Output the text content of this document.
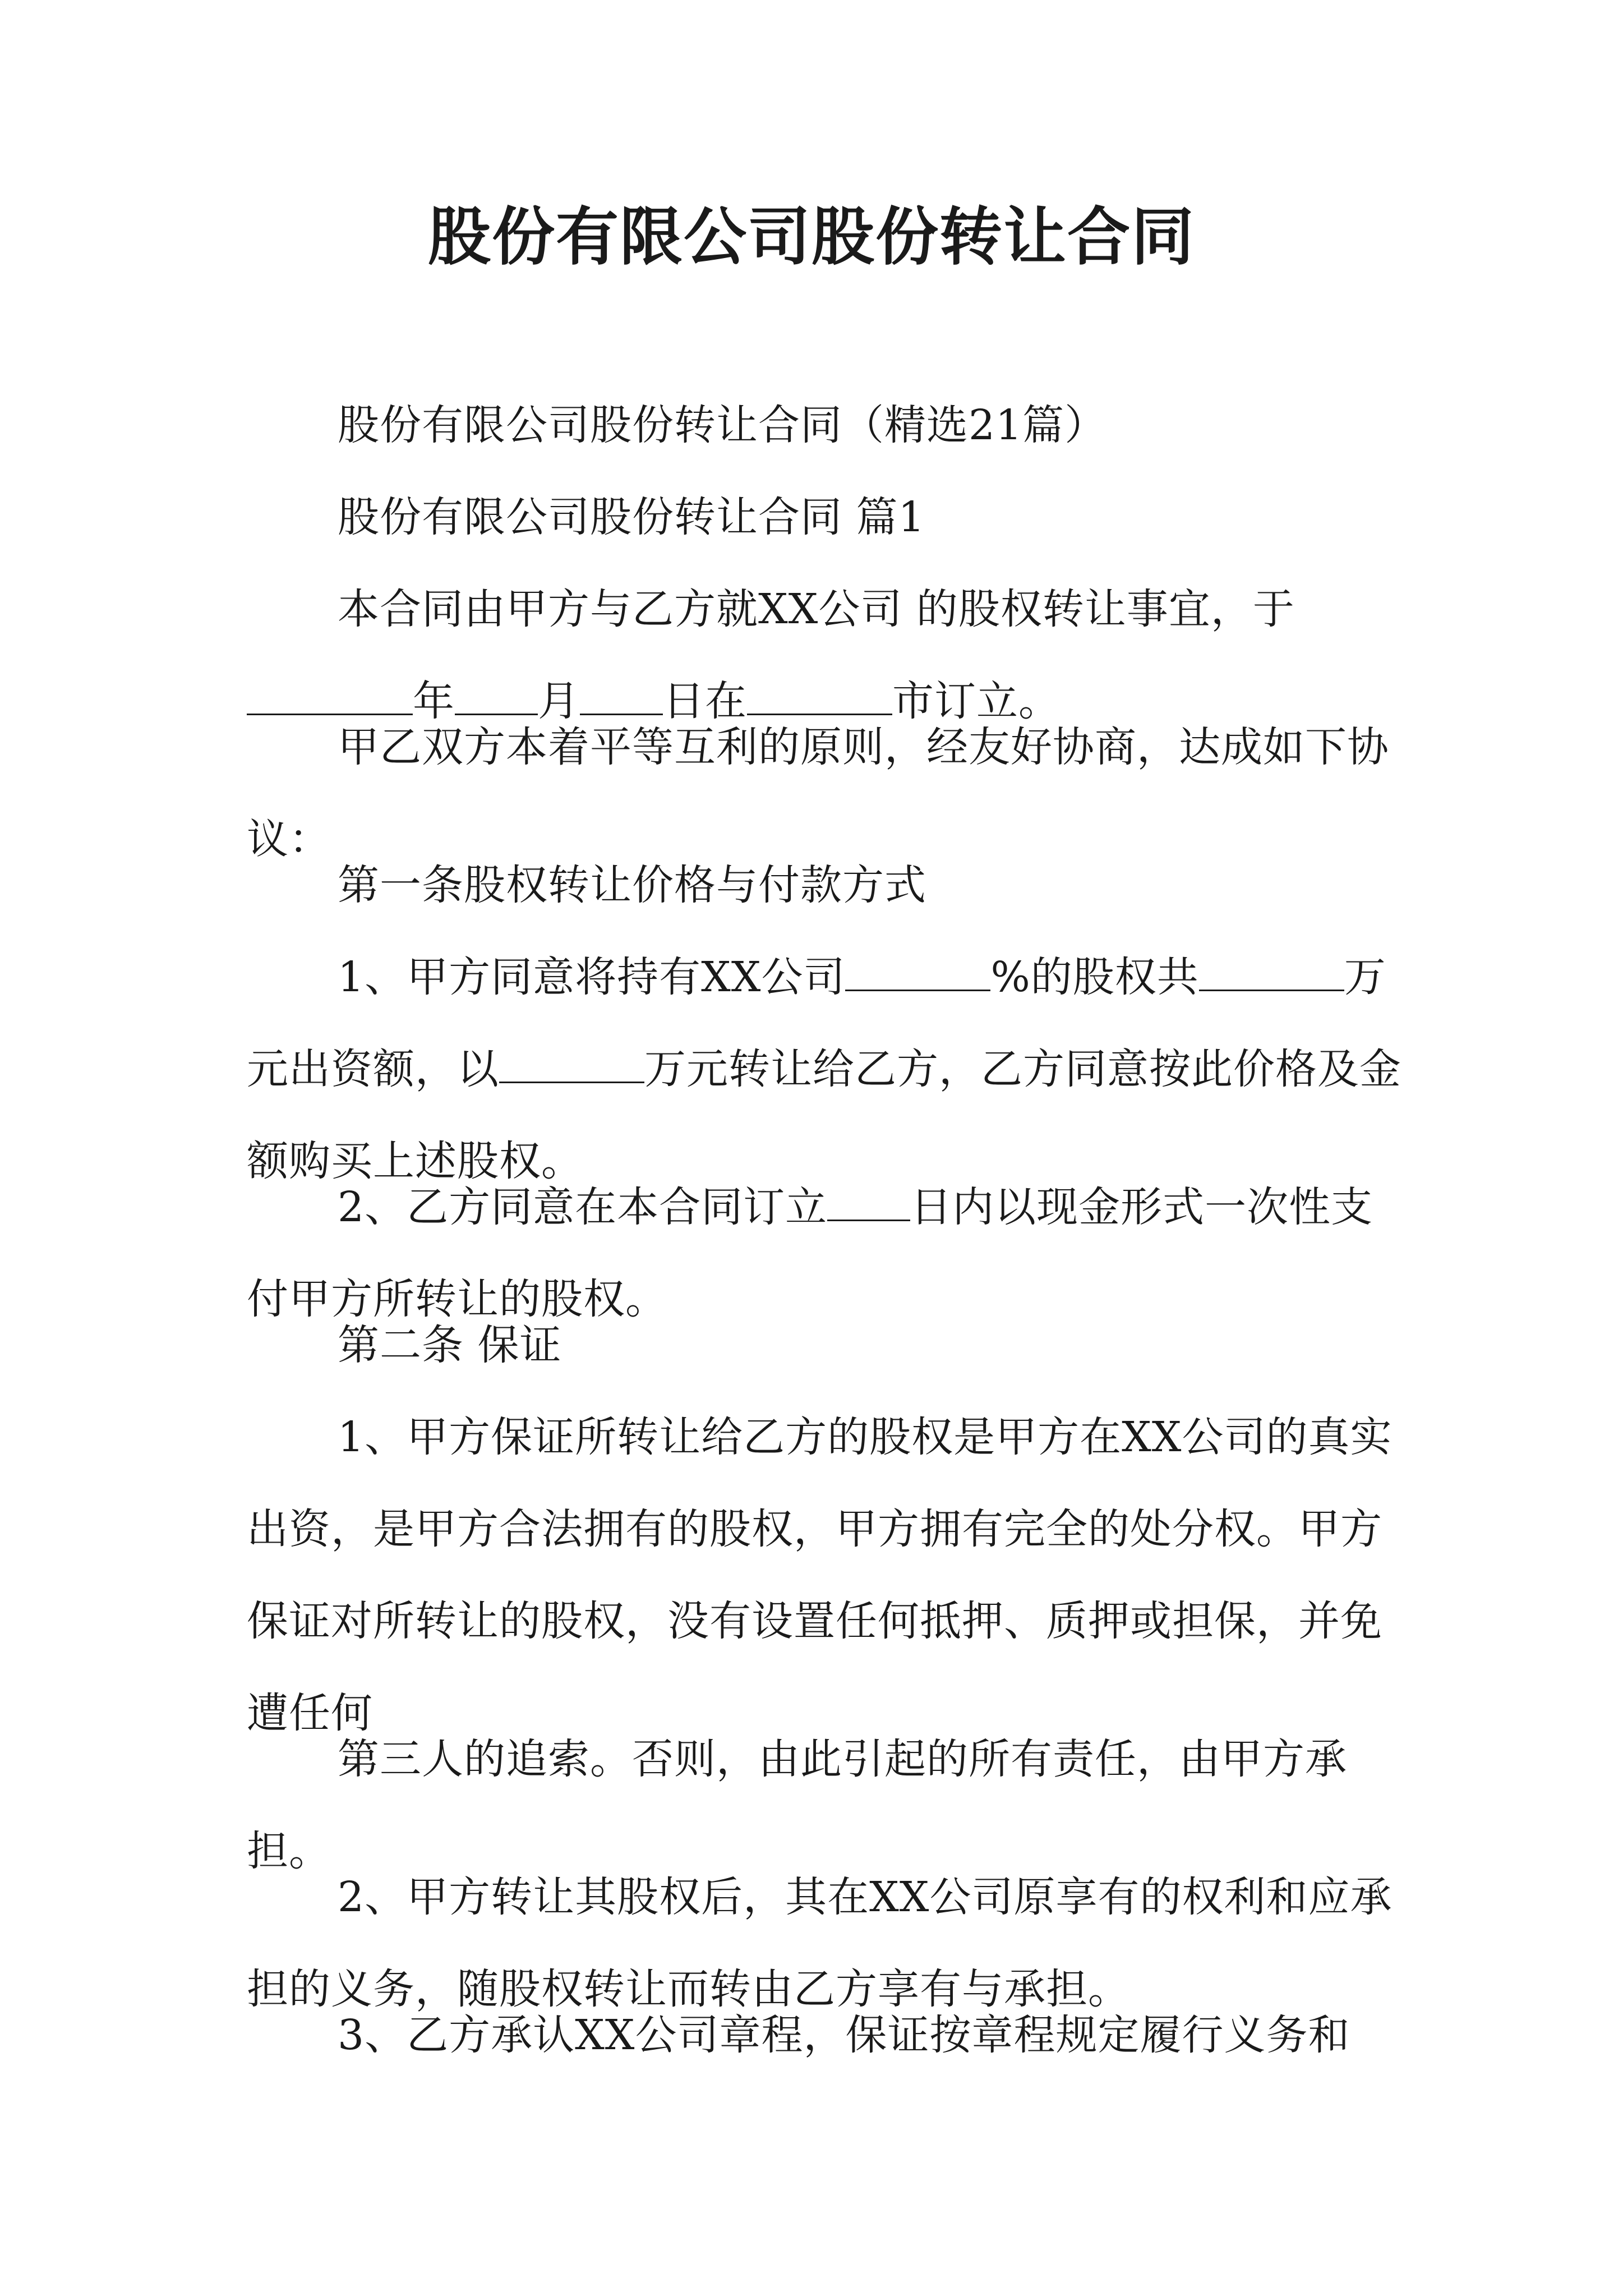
股份有限公司股份转让合同
股份有限公司股份转让合同（精选21篇）
股份有限公司股份转让合同 篇1
本合同由甲方与乙方就XX公司 的股权转让事宜，于年 月 日在	市订立。
甲乙双方本着平等互利的原则，经友好协商，达成如下协议：
第一条股权转让价格与付款方式
1、甲方同意将持有XX公司	%的股权共	万元出资额，以	万元转让给乙方，乙方同意按此价格及金额购买上述股权。
2、乙方同意在本合同订立 日内以现金形式一次性支付甲方所转让的股权。
第二条 保证
1、甲方保证所转让给乙方的股权是甲方在XX公司的真实出资，是甲方合法拥有的股权，甲方拥有完全的处分权。甲方保证对所转让的股权，没有设置任何抵押、质押或担保，并免遭任何
第三人的追索。否则，由此引起的所有责任，由甲方承担。
2、甲方转让其股权后，其在XX公司原享有的权利和应承担的义务，随股权转让而转由乙方享有与承担。
3、乙方承认XX公司章程，保证按章程规定履行义务和
